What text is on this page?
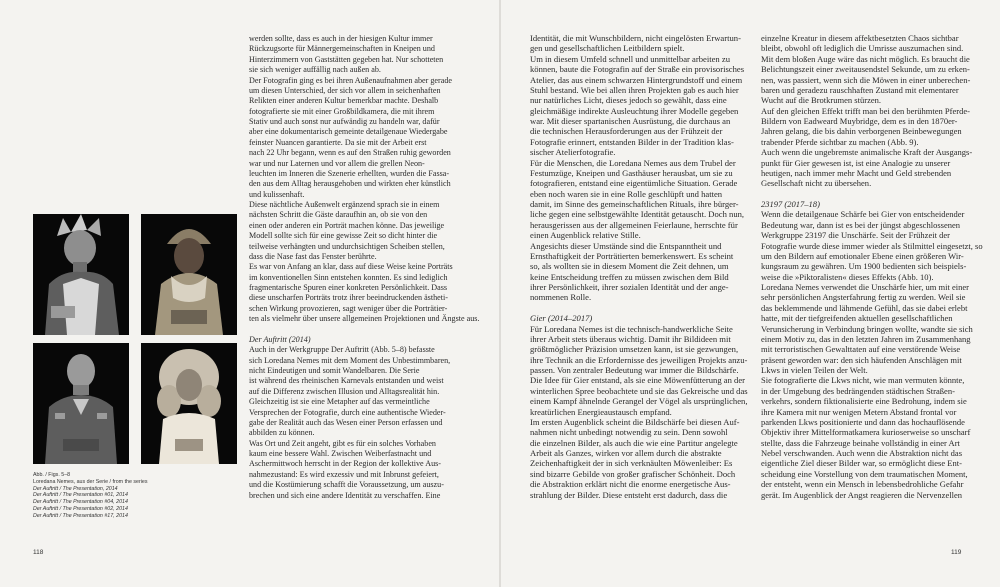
Abb. / Figs. 5–8
Loredana Nemes, aus der Serie / from the series
Der Auftritt / The Presentation, 2014
Der Auftritt / The Presentation #01, 2014
Der Auftritt / The Presentation #04, 2014
Der Auftritt / The Presentation #02, 2014
Der Auftritt / The Presentation #17, 2014
werden sollte, dass es auch in der hiesigen Kultur immer
Rückzugsorte für Männergemeinschaften in Kneipen und
Hinterzimmern von Gaststätten gegeben hat. Nur schotteten
sie sich weniger auffällig nach außen ab.
Der Fotografin ging es bei ihren Außenaufnahmen aber gerade
um diesen Unterschied, der sich vor allem in seichenhaften
Relikten einer anderen Kultur bemerkbar machte. Deshalb
fotografierte sie mit einer Großbildkamera, die mit ihrem
Stativ und auch sonst nur aufwändig zu handeln war, dafür
aber eine dokumentarisch gemeinte detailgenaue Wiedergabe
feinster Nuancen garantierte. Da sie mit der Arbeit erst
nach 22 Uhr begann, wenn es auf den Straßen ruhig geworden
war und nur Laternen und vor allem die grellen Neon-
leuchten im Inneren die Szenerie erhellten, wurden die Fassa-
den aus dem Alltag herausgehoben und wirkten eher künstlich
und kulissenhaft.
Diese nächtliche Außenwelt ergänzend sprach sie in einem
nächsten Schritt die Gäste daraufhin an, ob sie von den
einen oder anderen ein Porträt machen könne. Das jeweilige
Modell sollte sich für eine gewisse Zeit so dicht hinter die
teilweise verhängten und undurchsichtigen Scheiben stellen,
dass die Nase fast das Fenster berührte.
Es war von Anfang an klar, dass auf diese Weise keine Porträts
im konventionellen Sinn entstehen konnten. Es sind lediglich
fragmentarische Spuren einer konkreten Persönlichkeit. Dass
diese unscharfen Porträts trotz ihrer beeindruckenden ästheti-
schen Wirkung provozieren, sagt weniger über die Porträtier-
ten als vielmehr über unsere allgemeinen Projektionen und Ängste aus.
Der Auftritt (2014)
Auch in der Werkgruppe Der Auftritt (Abb. 5–8) befasste
sich Loredana Nemes mit dem Moment des Unbestimmbaren,
nicht Eindeutigen und somit Wandelbaren. Die Serie
ist während des rheinischen Karnevals entstanden und weist
auf die Differenz zwischen Illusion und Alltagsrealität hin.
Gleichzeitig ist sie eine Metapher auf das vermeintliche
Versprechen der Fotografie, durch eine authentische Wieder-
gabe der Realität auch das Wesen einer Person erfassen und
abbilden zu können.
Was Ort und Zeit angeht, gibt es für ein solches Vorhaben
kaum eine bessere Wahl. Zwischen Weiberfastnacht und
Aschermittwoch herrscht in der Region der kollektive Aus-
nahmezustand: Es wird exzessiv und mit Inbrunst gefeiert,
und die Kostümierung schafft die Voraussetzung, um auszu-
brechen und sich eine andere Identität zu verschaffen. Eine
Identität, die mit Wunschbildern, nicht eingelösten Erwartun-
gen und gesellschaftlichen Leitbildern spielt.
Um in diesem Umfeld schnell und unmittelbar arbeiten zu
können, baute die Fotografin auf der Straße ein provisorisches
Atelier, das aus einem schwarzen Hintergrundstoff und einem
Stuhl bestand. Wie bei allen ihren Projekten gab es auch hier
nur natürliches Licht, dieses jedoch so gewählt, dass eine
gleichmäßige indirekte Ausleuchtung ihrer Modelle gegeben
war. Mit dieser spartanischen Ausrüstung, die durchaus an
die technischen Herausforderungen aus der Frühzeit der
Fotografie erinnert, entstanden Bilder in der Tradition klas-
sischer Atelierfotografie.
Für die Menschen, die Loredana Nemes aus dem Trubel der
Festumzüge, Kneipen und Gasthäuser herausbat, um sie zu
fotografieren, entstand eine eigentümliche Situation. Gerade
eben noch waren sie in eine Rolle geschlüpft und hatten
damit, im Sinne des gemeinschaftlichen Rituals, ihre bürger-
liche gegen eine selbstgewählte Identität getauscht. Doch nun,
herausgerissen aus der allgemeinen Feierlaune, herrschte für
einen Augenblick relative Stille.
Angesichts dieser Umstände sind die Entspanntheit und
Ernsthaftigkeit der Porträtierten bemerkenswert. Es scheint
so, als wollten sie in diesem Moment die Zeit dehnen, um
keine Entscheidung treffen zu müssen zwischen dem Bild
ihrer Persönlichkeit, ihrer sozialen Identität und der ange-
nommenen Rolle.
Gier (2014–2017)
Für Loredana Nemes ist die technisch-handwerkliche Seite
ihrer Arbeit stets überaus wichtig. Damit ihr Bildideen mit
größtmöglicher Präzision umsetzen kann, ist sie gezwungen,
ihre Technik an die Erfordernisse des jeweiligen Projekts anzu-
passen. Von zentraler Bedeutung war immer die Bildschärfe.
Die Idee für Gier entstand, als sie eine Möwenfütterung an der
winterlichen Spree beobachtete und sie das Gekreische und das
einem Kampf ähnelnde Gerangel der Vögel als ursprünglichen,
kreatürlichen Energieaustausch empfand.
Im ersten Augenblick scheint die Bildschärfe bei diesen Auf-
nahmen nicht unbedingt notwendig zu sein. Denn sowohl
die einzelnen Bilder, als auch die wie eine Partitur angelegte
Arbeit als Ganzes, wirken vor allem durch die abstrakte
Zeichenhaftigkeit der in sich verknäulten Möwenleiber: Es
sind bizarre Gebilde von großer grafischer Schönheit. Doch
die Abstraktion erklärt nicht die enorme energetische Aus-
strahlung der Bilder. Diese entsteht erst dadurch, dass die
einzelne Kreatur in diesem affektbesetzten Chaos sichtbar
bleibt, obwohl oft lediglich die Umrisse auszumachen sind.
Mit dem bloßen Auge wäre das nicht möglich. Es braucht die
Belichtungszeit einer zweitausendstel Sekunde, um zu erken-
nen, was passiert, wenn sich die Möwen in einer unberechen-
baren und geradezu rauschhaften Zustand mit elementarer
Wucht auf die Brotkrumen stürzen.
Auf den gleichen Effekt trifft man bei den berühmten Pferde-
Bildern von Eadweard Muybridge, dem es in den 1870er-
Jahren gelang, die bis dahin verborgenen Beinbewegungen
trabender Pferde sichtbar zu machen (Abb. 9).
Auch wenn die ungebremste animalische Kraft der Ausgangs-
punkt für Gier gewesen ist, ist eine Analogie zu unserer
heutigen, nach immer mehr Macht und Geld strebenden
Gesellschaft nicht zu übersehen.
23197 (2017–18)
Wenn die detailgenaue Schärfe bei Gier von entscheidender
Bedeutung war, dann ist es bei der jüngst abgeschlossenen
Werkgruppe 23197 die Unschärfe. Seit der Frühzeit der
Fotografie wurde diese immer wieder als Stilmittel eingesetzt, so
um den Bildern auf emotionaler Ebene einen größeren Wir-
kungsraum zu gewähren. Um 1900 bedienten sich beispiels-
weise die »Piktoralisten« dieses Effekts (Abb. 10).
Loredana Nemes verwendet die Unschärfe hier, um mit einer
sehr persönlichen Angsterfahrung fertig zu werden. Weil sie
das beklemmende und lähmende Gefühl, das sie dabei erlebt
hatte, mit der tiefgreifenden aktuellen gesellschaftlichen
Verunsicherung in Verbindung bringen wollte, wandte sie sich
einem Motiv zu, das in den letzten Jahren im Zusammenhang
mit terroristischen Gewalttaten auf eine verstörende Weise
präsent geworden war: den sich häufenden Anschlägen mit
Lkws in vielen Teilen der Welt.
Sie fotografierte die Lkws nicht, wie man vermuten könnte,
in der Umgebung des bedrängenden städtischen Straßen-
verkehrs, sondern fiktionalisierte eine Bedrohung, indem sie
ihre Kamera mit nur wenigen Metern Abstand frontal vor
parkenden Lkws positionierte und dann das hochauflösende
Objektiv ihrer Mittelformatkamera kurioserweise so unscharf
stellte, dass die Fahrzeuge beinahe vollständig in einer Art
Nebel verschwanden. Auch wenn die Abstraktion nicht das
eigentliche Ziel dieser Bilder war, so ermöglicht diese Ent-
scheidung eine Vorstellung von dem traumatischen Moment,
der entsteht, wenn ein Mensch in lebensbedrohliche Gefahr
gerät. Im Augenblick der Angst reagieren die Nervenzellen
118	119
